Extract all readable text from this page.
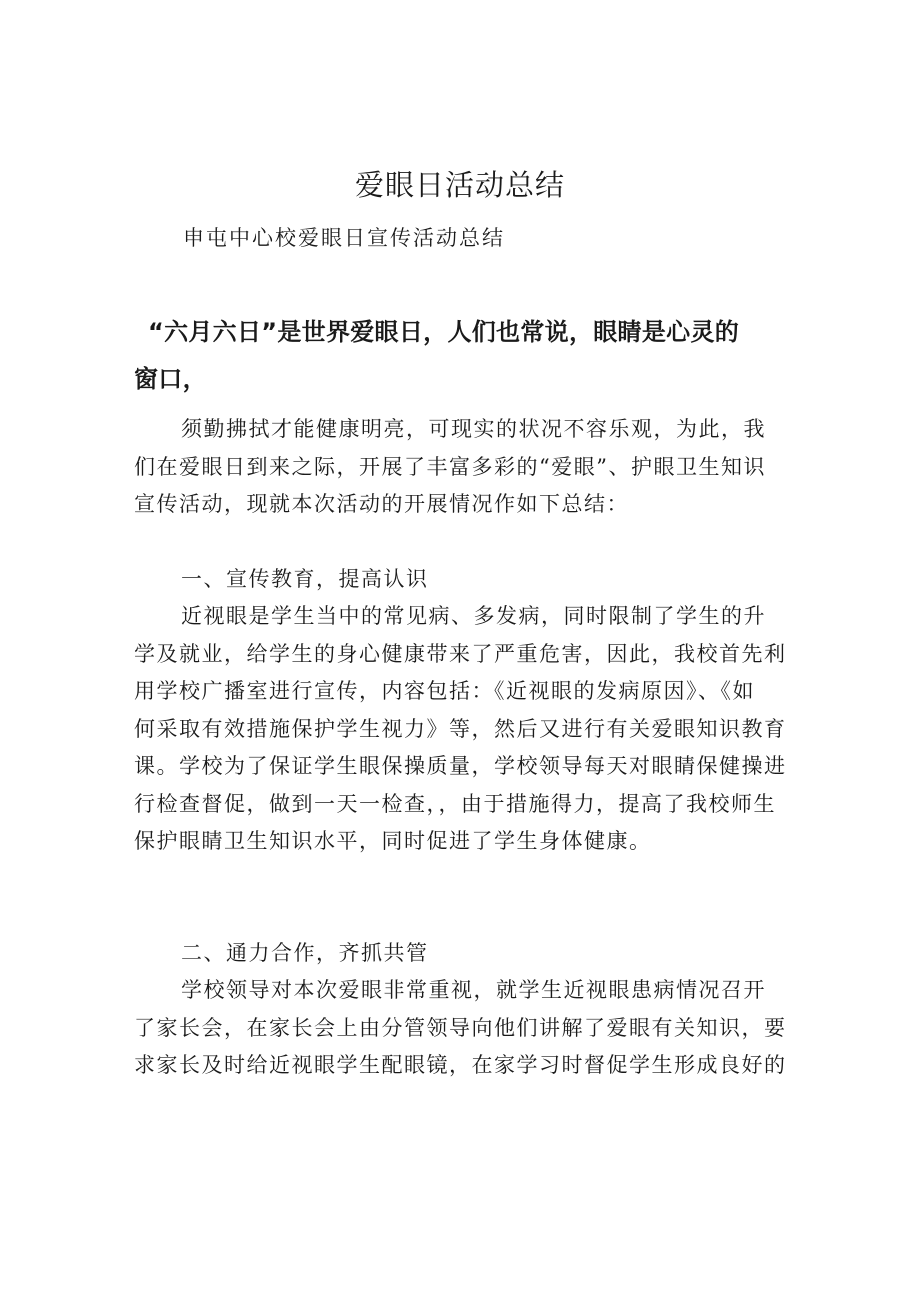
爱眼日活动总结
申屯中心校爱眼日宣传活动总结
“六月六日”是世界爱眼日，人们也常说，眼睛是心灵的
窗口，
须勤拂拭才能健康明亮，可现实的状况不容乐观，为此，我
们在爱眼日到来之际，开展了丰富多彩的“爱眼”、护眼卫生知识
宣传活动，现就本次活动的开展情况作如下总结：
一、宣传教育，提高认识
近视眼是学生当中的常见病、多发病，同时限制了学生的升
学及就业，给学生的身心健康带来了严重危害，因此，我校首先利
用学校广播室进行宣传，内容包括：《近视眼的发病原因》、《如
何采取有效措施保护学生视力》等，然后又进行有关爱眼知识教育
课。学校为了保证学生眼保操质量，学校领导每天对眼睛保健操进
行检查督促，做到一天一检查，，由于措施得力，提高了我校师生
保护眼睛卫生知识水平，同时促进了学生身体健康。
二、通力合作，齐抓共管
学校领导对本次爱眼非常重视，就学生近视眼患病情况召开
了家长会，在家长会上由分管领导向他们讲解了爱眼有关知识，要
求家长及时给近视眼学生配眼镜，在家学习时督促学生形成良好的
